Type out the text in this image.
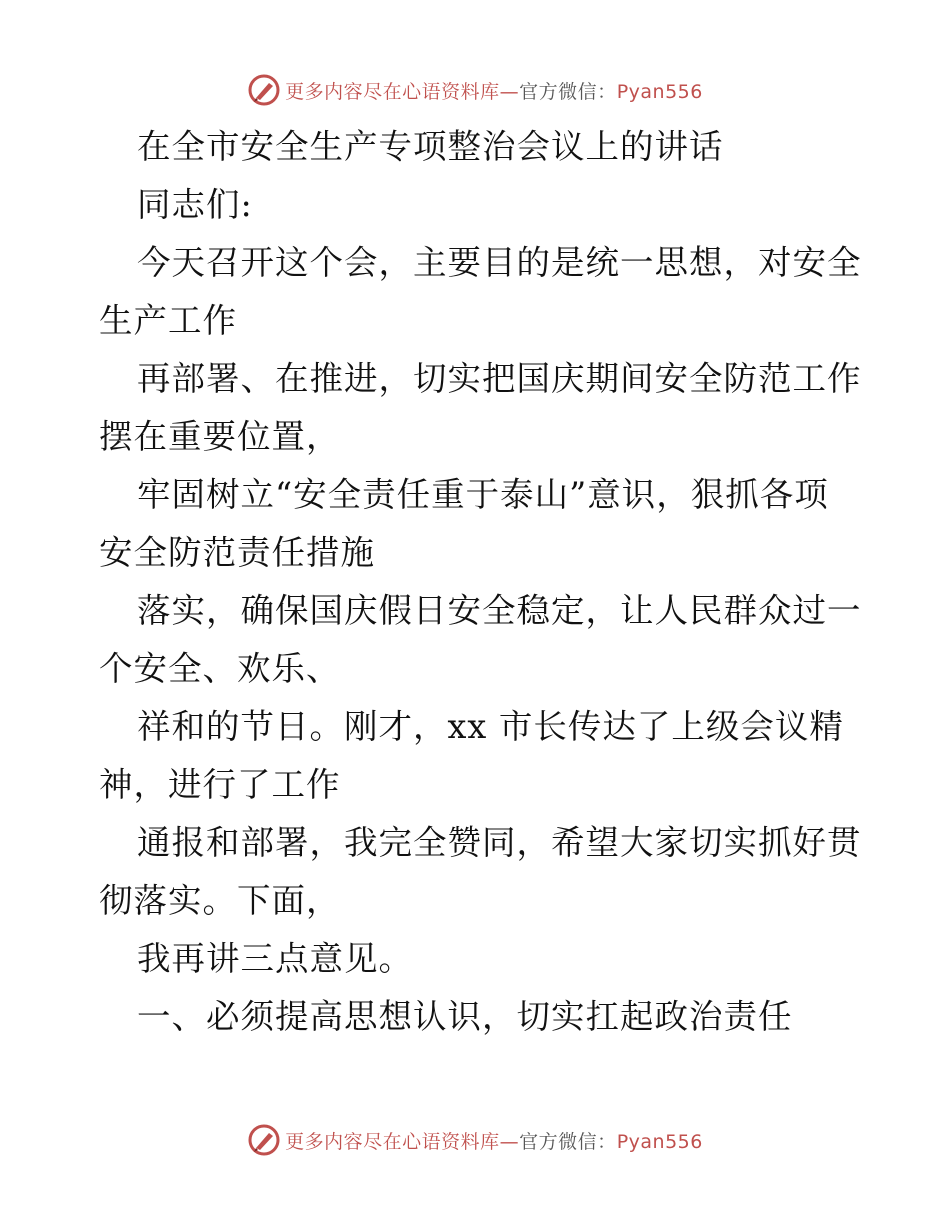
更多内容尽在心语资料库—官方微信：Pyan556
在全市安全生产专项整治会议上的讲话
同志们:
今天召开这个会，主要目的是统一思想，对安全
生产工作
再部署、在推进，切实把国庆期间安全防范工作
摆在重要位置，
牢固树立“安全责任重于泰山”意识，狠抓各项
安全防范责任措施
落实，确保国庆假日安全稳定，让人民群众过一
个安全、欢乐、
祥和的节日。刚才，xx 市长传达了上级会议精
神，进行了工作
通报和部署，我完全赞同，希望大家切实抓好贯
彻落实。下面，
我再讲三点意见。
一、必须提高思想认识，切实扛起政治责任
更多内容尽在心语资料库—官方微信：Pyan556
